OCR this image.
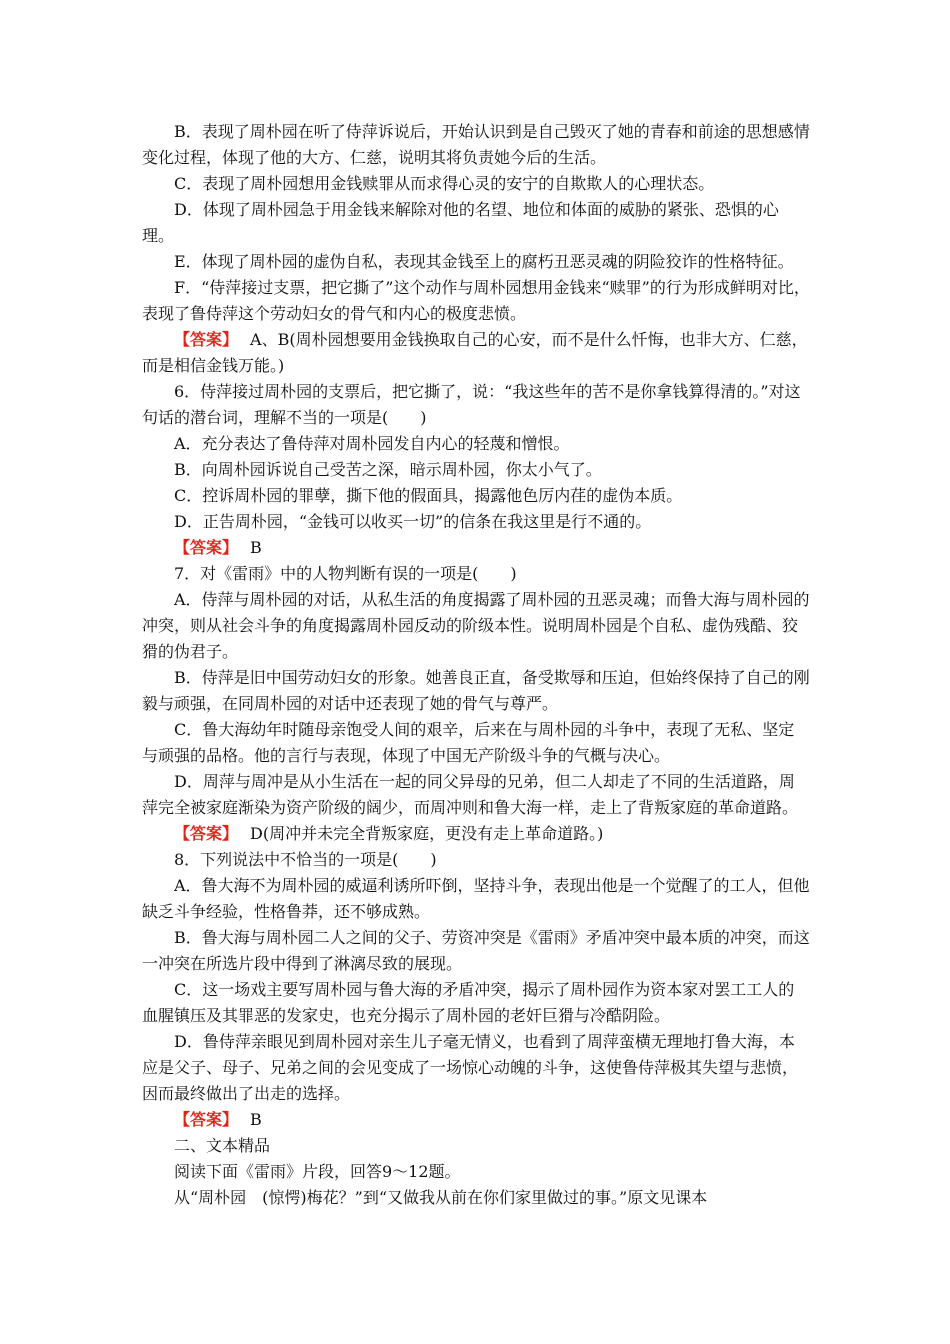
B．表现了周朴园在听了侍萍诉说后，开始认识到是自己毁灭了她的青春和前途的思想感情变化过程，体现了他的大方、仁慈，说明其将负责她今后的生活。

C．表现了周朴园想用金钱赎罪从而求得心灵的安宁的自欺欺人的心理状态。

D．体现了周朴园急于用金钱来解除对他的名望、地位和体面的威胁的紧张、恐惧的心理。

E．体现了周朴园的虚伪自私，表现其金钱至上的腐朽丑恶灵魂的阴险狡诈的性格特征。

F．“侍萍接过支票，把它撕了”这个动作与周朴园想用金钱来“赎罪”的行为形成鲜明对比，表现了鲁侍萍这个劳动妇女的骨气和内心的极度悲愤。

【答案】 A、B(周朴园想要用金钱换取自己的心安，而不是什么忏悔，也非大方、仁慈，而是相信金钱万能。)

6．侍萍接过周朴园的支票后，把它撕了，说：“我这些年的苦不是你拿钱算得清的。”对这句话的潜台词，理解不当的一项是(　　)

A．充分表达了鲁侍萍对周朴园发自内心的轻蔑和憎恨。

B．向周朴园诉说自己受苦之深，暗示周朴园，你太小气了。

C．控诉周朴园的罪孽，撕下他的假面具，揭露他色厉内荏的虚伪本质。

D．正告周朴园，“金钱可以收买一切”的信条在我这里是行不通的。

【答案】 B

7．对《雷雨》中的人物判断有误的一项是(　　)

A．侍萍与周朴园的对话，从私生活的角度揭露了周朴园的丑恶灵魂；而鲁大海与周朴园的冲突，则从社会斗争的角度揭露周朴园反动的阶级本性。说明周朴园是个自私、虚伪残酷、狡猾的伪君子。

B．侍萍是旧中国劳动妇女的形象。她善良正直，备受欺辱和压迫，但始终保持了自己的刚毅与顽强，在同周朴园的对话中还表现了她的骨气与尊严。

C．鲁大海幼年时随母亲饱受人间的艰辛，后来在与周朴园的斗争中，表现了无私、坚定与顽强的品格。他的言行与表现，体现了中国无产阶级斗争的气概与决心。

D．周萍与周冲是从小生活在一起的同父异母的兄弟，但二人却走了不同的生活道路，周萍完全被家庭渐染为资产阶级的阔少，而周冲则和鲁大海一样，走上了背叛家庭的革命道路。

【答案】 D(周冲并未完全背叛家庭，更没有走上革命道路。)

8．下列说法中不恰当的一项是(　　)

A．鲁大海不为周朴园的威逼利诱所吓倒，坚持斗争，表现出他是一个觉醒了的工人，但他缺乏斗争经验，性格鲁莽，还不够成熟。

B．鲁大海与周朴园二人之间的父子、劳资冲突是《雷雨》矛盾冲突中最本质的冲突，而这一冲突在所选片段中得到了淋漓尽致的展现。

C．这一场戏主要写周朴园与鲁大海的矛盾冲突，揭示了周朴园作为资本家对罢工工人的血腥镇压及其罪恶的发家史，也充分揭示了周朴园的老奸巨猾与冷酷阴险。

D．鲁侍萍亲眼见到周朴园对亲生儿子毫无情义，也看到了周萍蛮横无理地打鲁大海，本应是父子、母子、兄弟之间的会见变成了一场惊心动魄的斗争，这使鲁侍萍极其失望与悲愤，因而最终做出了出走的选择。

【答案】 B

二、文本精品

阅读下面《雷雨》片段，回答9～12题。

从“周朴园　(惊愕)梅花？”到“又做我从前在你们家里做过的事。”原文见课本
